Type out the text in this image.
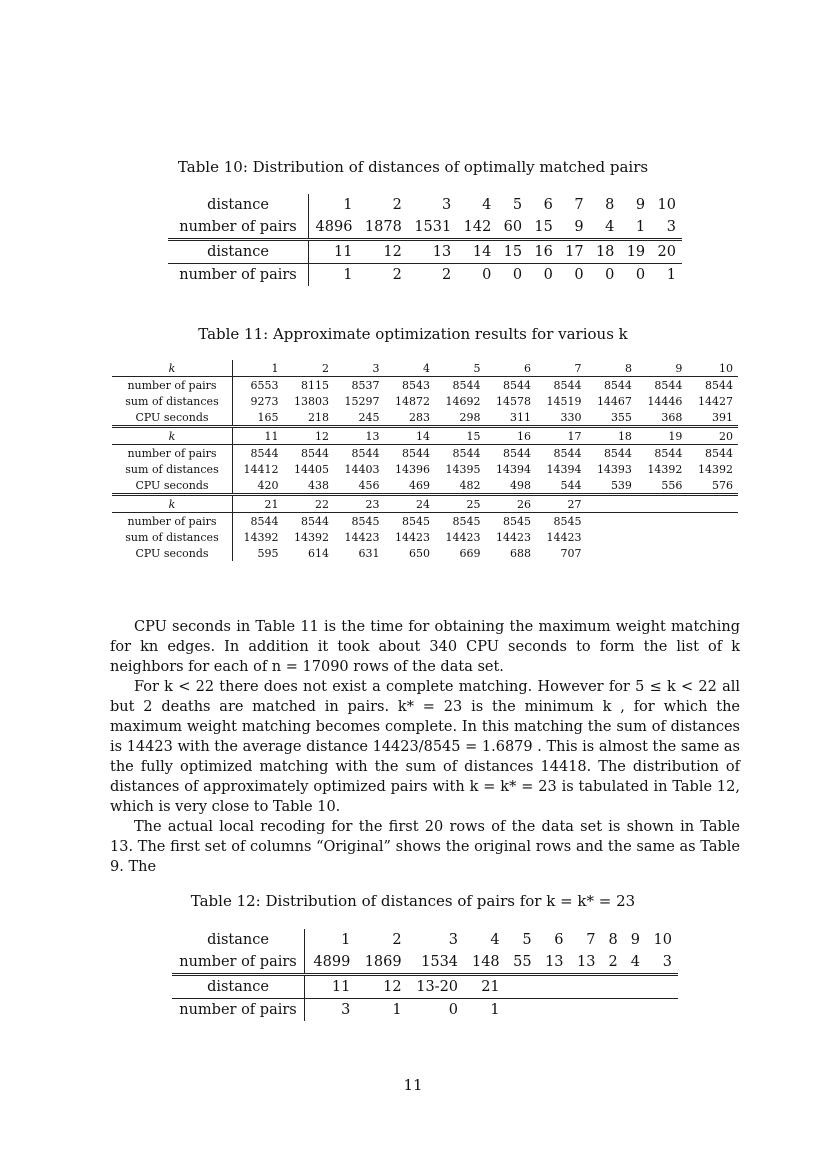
Table 10: Distribution of distances of optimally matched pairs
distance	1	2	3	4	5	6	7	8	9	10
number of pairs	4896	1878	1531	142	60	15	9	4	1	3
distance	11	12	13	14	15	16	17	18	19	20
number of pairs	1	2	2	0	0	0	0	0	0	1
Table 11: Approximate optimization results for various k
k	1	2	3	4	5	6	7	8	9	10
number of pairs	6553	8115	8537	8543	8544	8544	8544	8544	8544	8544
sum of distances	9273	13803	15297	14872	14692	14578	14519	14467	14446	14427
CPU seconds	165	218	245	283	298	311	330	355	368	391
k	11	12	13	14	15	16	17	18	19	20
number of pairs	8544	8544	8544	8544	8544	8544	8544	8544	8544	8544
sum of distances	14412	14405	14403	14396	14395	14394	14394	14393	14392	14392
CPU seconds	420	438	456	469	482	498	544	539	556	576
k	21	22	23	24	25	26	27			
number of pairs	8544	8544	8545	8545	8545	8545	8545			
sum of distances	14392	14392	14423	14423	14423	14423	14423			
CPU seconds	595	614	631	650	669	688	707			

CPU seconds in Table 11 is the time for obtaining the maximum weight matching for kn edges. In addition it took about 340 CPU seconds to form the list of k neighbors for each of n = 17090 rows of the data set.

For k < 22 there does not exist a complete matching. However for 5 ≤ k < 22 all but 2 deaths are matched in pairs. k* = 23 is the minimum k , for which the maximum weight matching becomes complete. In this matching the sum of distances is 14423 with the average distance 14423/8545 = 1.6879 . This is almost the same as the fully optimized matching with the sum of distances 14418. The distribution of distances of approximately optimized pairs with k = k* = 23 is tabulated in Table 12, which is very close to Table 10.

The actual local recoding for the first 20 rows of the data set is shown in Table 13. The first set of columns “Original” shows the original rows and the same as Table 9. The

Table 12: Distribution of distances of pairs for k = k* = 23
distance	1	2	3	4	5	6	7	8	9	10
number of pairs	4899	1869	1534	148	55	13	13	2	4	3
distance	11	12	13-20	21						
number of pairs	3	1	0	1						
11
